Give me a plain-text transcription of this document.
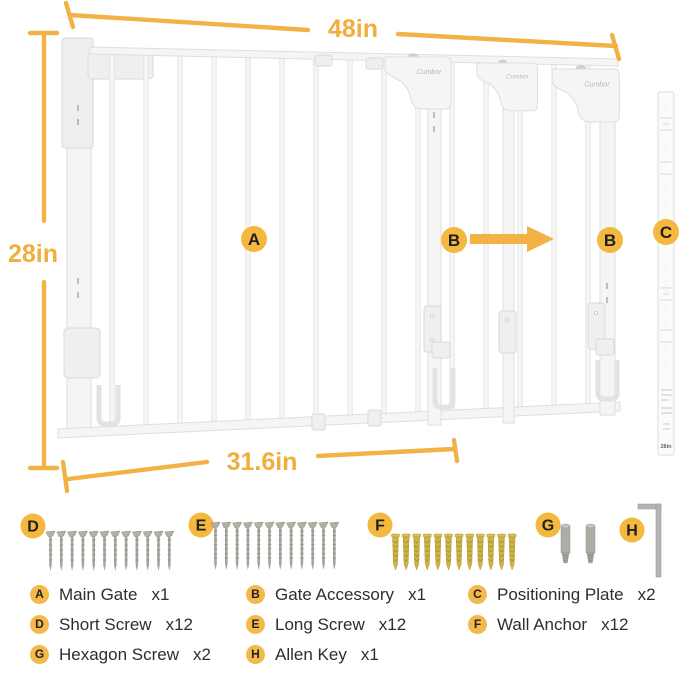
Cumbor
28in
48in
28in
31.6in
A	B	B	C
D	E	F	G	H
A Main Gate x1	B Gate Accessory x1	C Positioning Plate x2
D Short Screw x12	E Long Screw x12	F Wall Anchor x12
G Hexagon Screw x2	H Allen Key x1
